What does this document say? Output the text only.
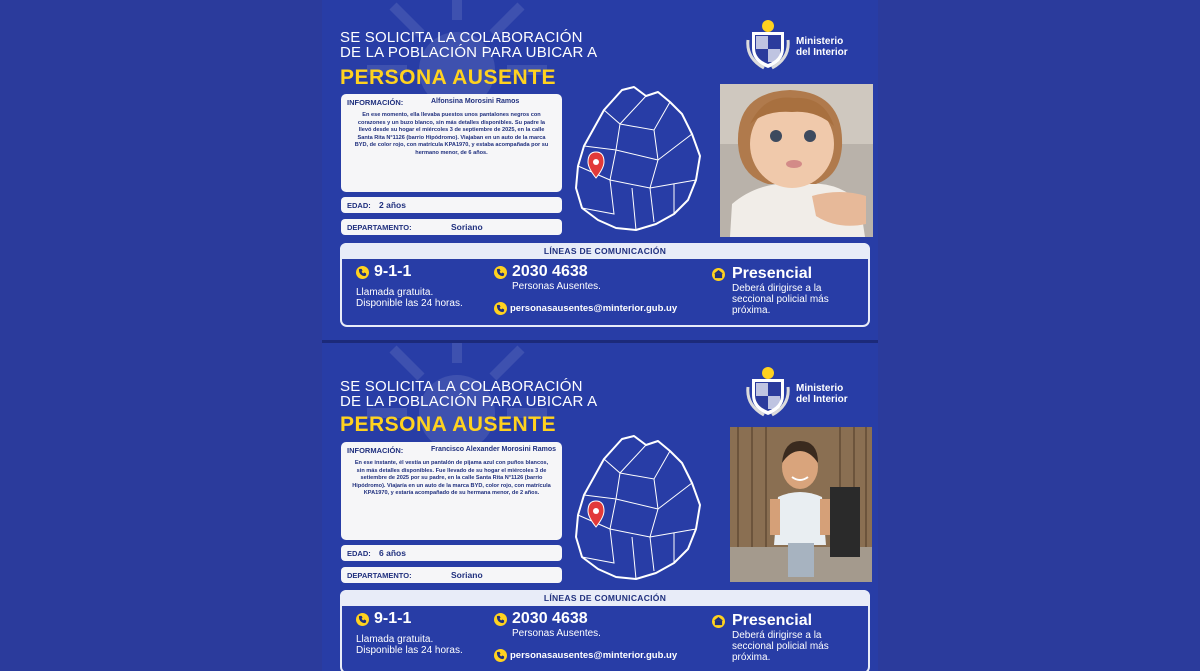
SE SOLICITA LA COLABORACIÓN
DE LA POBLACIÓN PARA UBICAR A
PERSONA AUSENTE
Ministerio
del Interior
INFORMACIÓN:	Alfonsina Morosini Ramos
En ese momento, ella llevaba puestos unos pantalones negros con corazones y un buzo blanco, sin más detalles disponibles. Su padre la llevó desde su hogar el miércoles 3 de septiembre de 2025, en la calle Santa Rita N°1126 (barrio Hipódromo). Viajaban en un auto de la marca BYD, de color rojo, con matrícula KPA1970, y estaba acompañada por su hermano menor, de 6 años.
EDAD: 2 años
DEPARTAMENTO:	Soriano
LÍNEAS DE COMUNICACIÓN
9-1-1
Llamada gratuita.
Disponible las 24 horas.
2030 4638
Personas Ausentes.
personasausentes@minterior.gub.uy
Presencial
Deberá dirigirse a la
seccional policial más
próxima.
SE SOLICITA LA COLABORACIÓN
DE LA POBLACIÓN PARA UBICAR A
PERSONA AUSENTE
Ministerio
del Interior
INFORMACIÓN:	Francisco Alexander Morosini Ramos
En ese instante, él vestía un pantalón de pijama azul con puños blancos, sin más detalles disponibles. Fue llevado de su hogar el miércoles 3 de setiembre de 2025 por su padre, en la calle Santa Rita N°1126 (barrio Hipódromo). Viajaría en un auto de la marca BYD, color rojo, con matrícula KPA1970, y estaría acompañado de su hermana menor, de 2 años.
EDAD: 6 años
DEPARTAMENTO:	Soriano
LÍNEAS DE COMUNICACIÓN
9-1-1
Llamada gratuita.
Disponible las 24 horas.
2030 4638
Personas Ausentes.
personasausentes@minterior.gub.uy
Presencial
Deberá dirigirse a la
seccional policial más
próxima.
